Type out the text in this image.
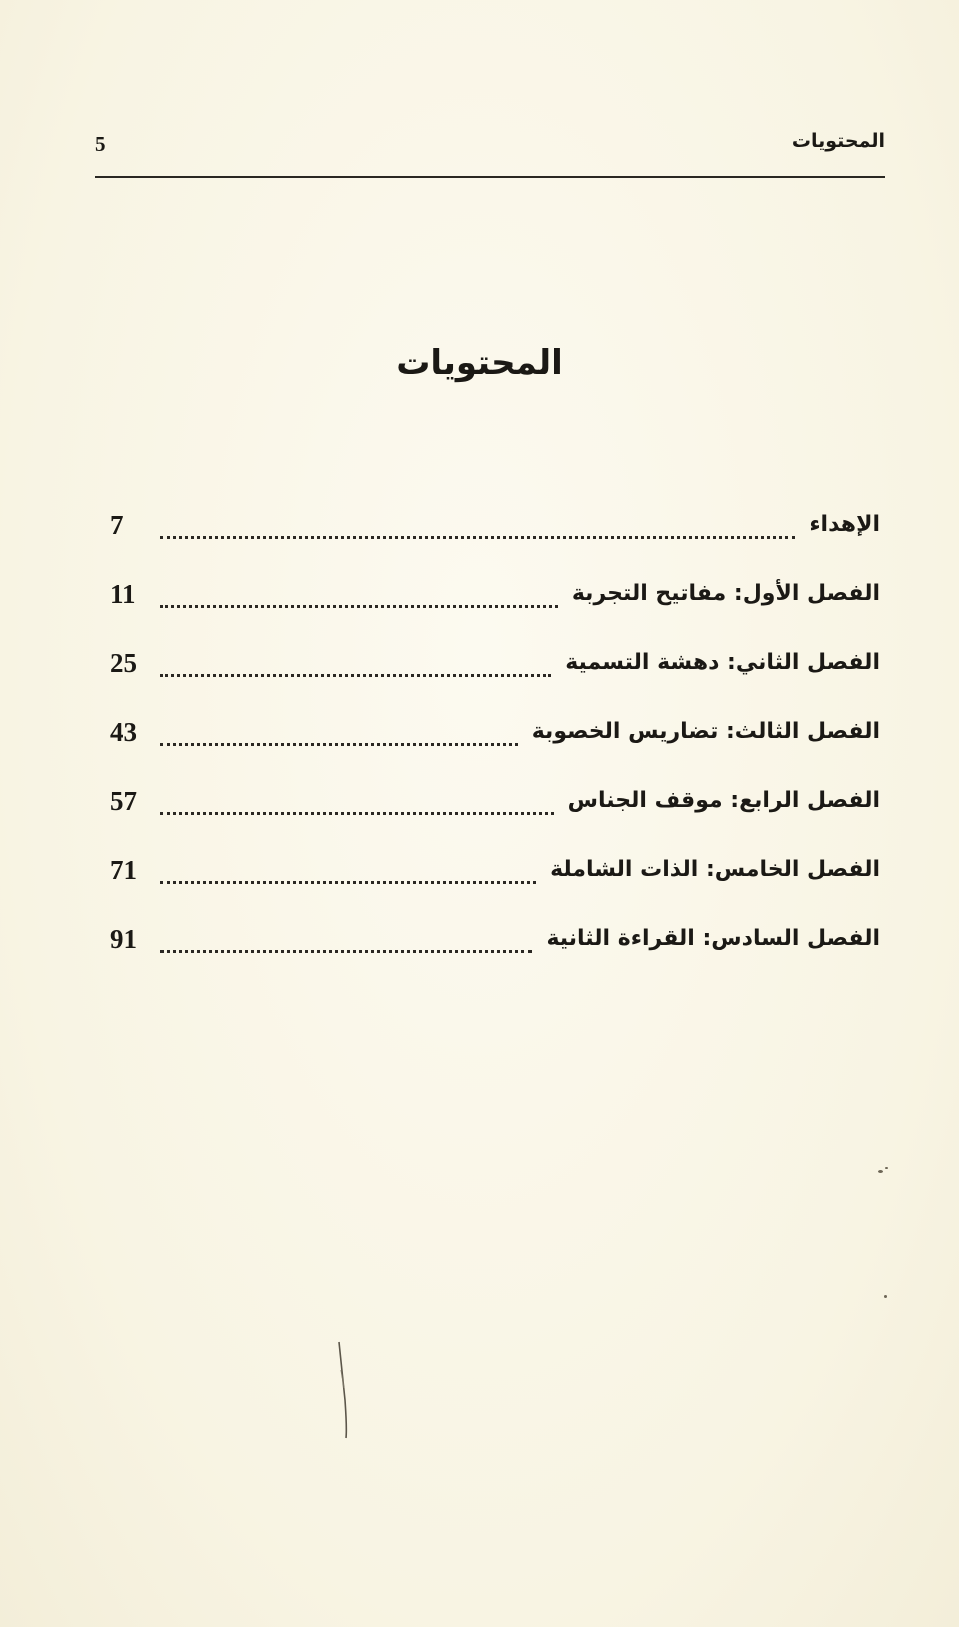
5	المحتويات
المحتويات
الإهداء
7
الفصل الأول: مفاتيح التجربة
11
الفصل الثاني: دهشة التسمية
25
الفصل الثالث: تضاريس الخصوبة
43
الفصل الرابع: موقف الجناس
57
الفصل الخامس: الذات الشاملة
71
الفصل السادس: القراءة الثانية
91
